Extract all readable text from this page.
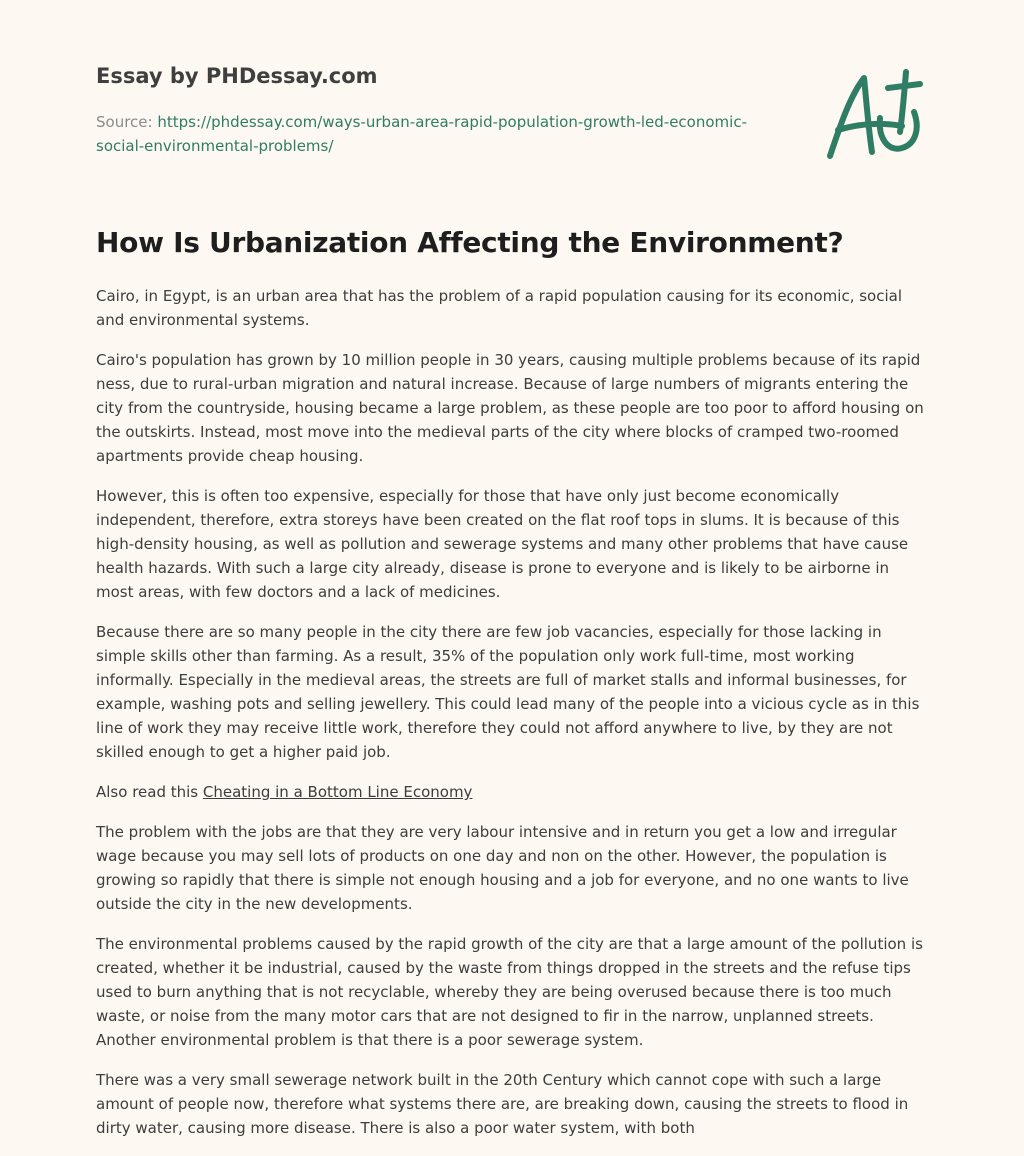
Essay by PHDessay.com
Source: https://phdessay.com/ways-urban-area-rapid-population-growth-led-economic-social-environmental-problems/
How Is Urbanization Affecting the Environment?

Cairo, in Egypt, is an urban area that has the problem of a rapid population causing for its economic, social and environmental systems.

Cairo's population has grown by 10 million people in 30 years, causing multiple problems because of its rapid ness, due to rural-urban migration and natural increase. Because of large numbers of migrants entering the city from the countryside, housing became a large problem, as these people are too poor to afford housing on the outskirts. Instead, most move into the medieval parts of the city where blocks of cramped two-roomed apartments provide cheap housing.

However, this is often too expensive, especially for those that have only just become economically independent, therefore, extra storeys have been created on the flat roof tops in slums. It is because of this high-density housing, as well as pollution and sewerage systems and many other problems that have cause health hazards. With such a large city already, disease is prone to everyone and is likely to be airborne in most areas, with few doctors and a lack of medicines.

Because there are so many people in the city there are few job vacancies, especially for those lacking in simple skills other than farming. As a result, 35% of the population only work full-time, most working informally. Especially in the medieval areas, the streets are full of market stalls and informal businesses, for example, washing pots and selling jewellery. This could lead many of the people into a vicious cycle as in this line of work they may receive little work, therefore they could not afford anywhere to live, by they are not skilled enough to get a higher paid job.

Also read this Cheating in a Bottom Line Economy

The problem with the jobs are that they are very labour intensive and in return you get a low and irregular wage because you may sell lots of products on one day and non on the other. However, the population is growing so rapidly that there is simple not enough housing and a job for everyone, and no one wants to live outside the city in the new developments.

The environmental problems caused by the rapid growth of the city are that a large amount of the pollution is created, whether it be industrial, caused by the waste from things dropped in the streets and the refuse tips used to burn anything that is not recyclable, whereby they are being overused because there is too much waste, or noise from the many motor cars that are not designed to fir in the narrow, unplanned streets. Another environmental problem is that there is a poor sewerage system.

There was a very small sewerage network built in the 20th Century which cannot cope with such a large amount of people now, therefore what systems there are, are breaking down, causing the streets to flood in dirty water, causing more disease. There is also a poor water system, with both
